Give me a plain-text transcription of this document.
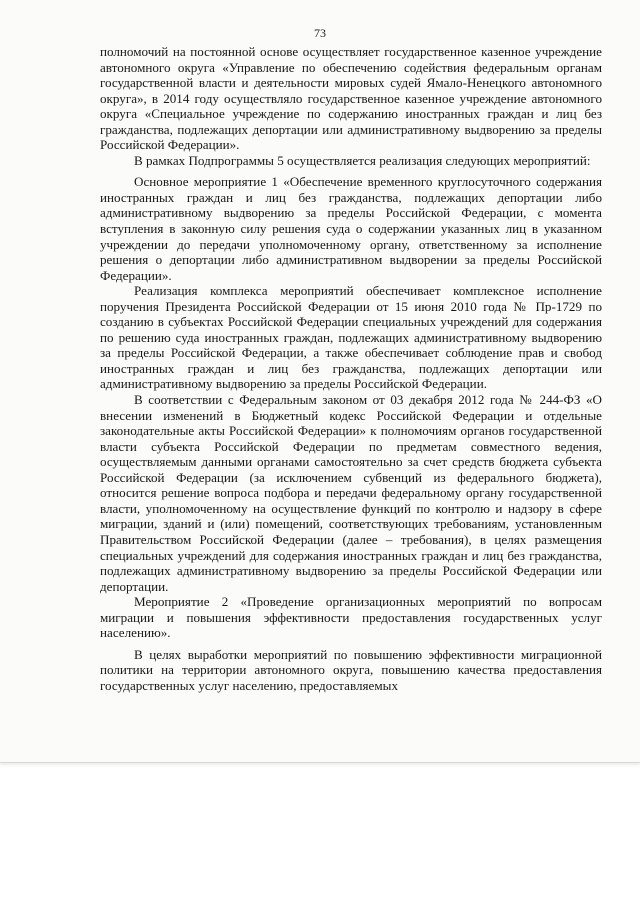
73

полномочий на постоянной основе осуществляет государственное казенное учреждение автономного округа «Управление по обеспечению содействия федеральным органам государственной власти и деятельности мировых судей Ямало-Ненецкого автономного округа», в 2014 году осуществляло государственное казенное учреждение автономного округа «Специальное учреждение по содержанию иностранных граждан и лиц без гражданства, подлежащих депортации или административному выдворению за пределы Российской Федерации».

В рамках Подпрограммы 5 осуществляется реализация следующих мероприятий:

Основное мероприятие 1 «Обеспечение временного круглосуточного содержания иностранных граждан и лиц без гражданства, подлежащих депортации либо административному выдворению за пределы Российской Федерации, с момента вступления в законную силу решения суда о содержании указанных лиц в указанном учреждении до передачи уполномоченному органу, ответственному за исполнение решения о депортации либо административном выдворении за пределы Российской Федерации».

Реализация комплекса мероприятий обеспечивает комплексное исполнение поручения Президента Российской Федерации от 15 июня 2010 года № Пр-1729 по созданию в субъектах Российской Федерации специальных учреждений для содержания по решению суда иностранных граждан, подлежащих административному выдворению за пределы Российской Федерации, а также обеспечивает соблюдение прав и свобод иностранных граждан и лиц без гражданства, подлежащих депортации или административному выдворению за пределы Российской Федерации.

В соответствии с Федеральным законом от 03 декабря 2012 года № 244-ФЗ «О внесении изменений в Бюджетный кодекс Российской Федерации и отдельные законодательные акты Российской Федерации» к полномочиям органов государственной власти субъекта Российской Федерации по предметам совместного ведения, осуществляемым данными органами самостоятельно за счет средств бюджета субъекта Российской Федерации (за исключением субвенций из федерального бюджета), относится решение вопроса подбора и передачи федеральному органу государственной власти, уполномоченному на осуществление функций по контролю и надзору в сфере миграции, зданий и (или) помещений, соответствующих требованиям, установленным Правительством Российской Федерации (далее – требования), в целях размещения специальных учреждений для содержания иностранных граждан и лиц без гражданства, подлежащих административному выдворению за пределы Российской Федерации или депортации.

Мероприятие 2 «Проведение организационных мероприятий по вопросам миграции и повышения эффективности предоставления государственных услуг населению».

В целях выработки мероприятий по повышению эффективности миграционной политики на территории автономного округа, повышению качества предоставления государственных услуг населению, предоставляемых
